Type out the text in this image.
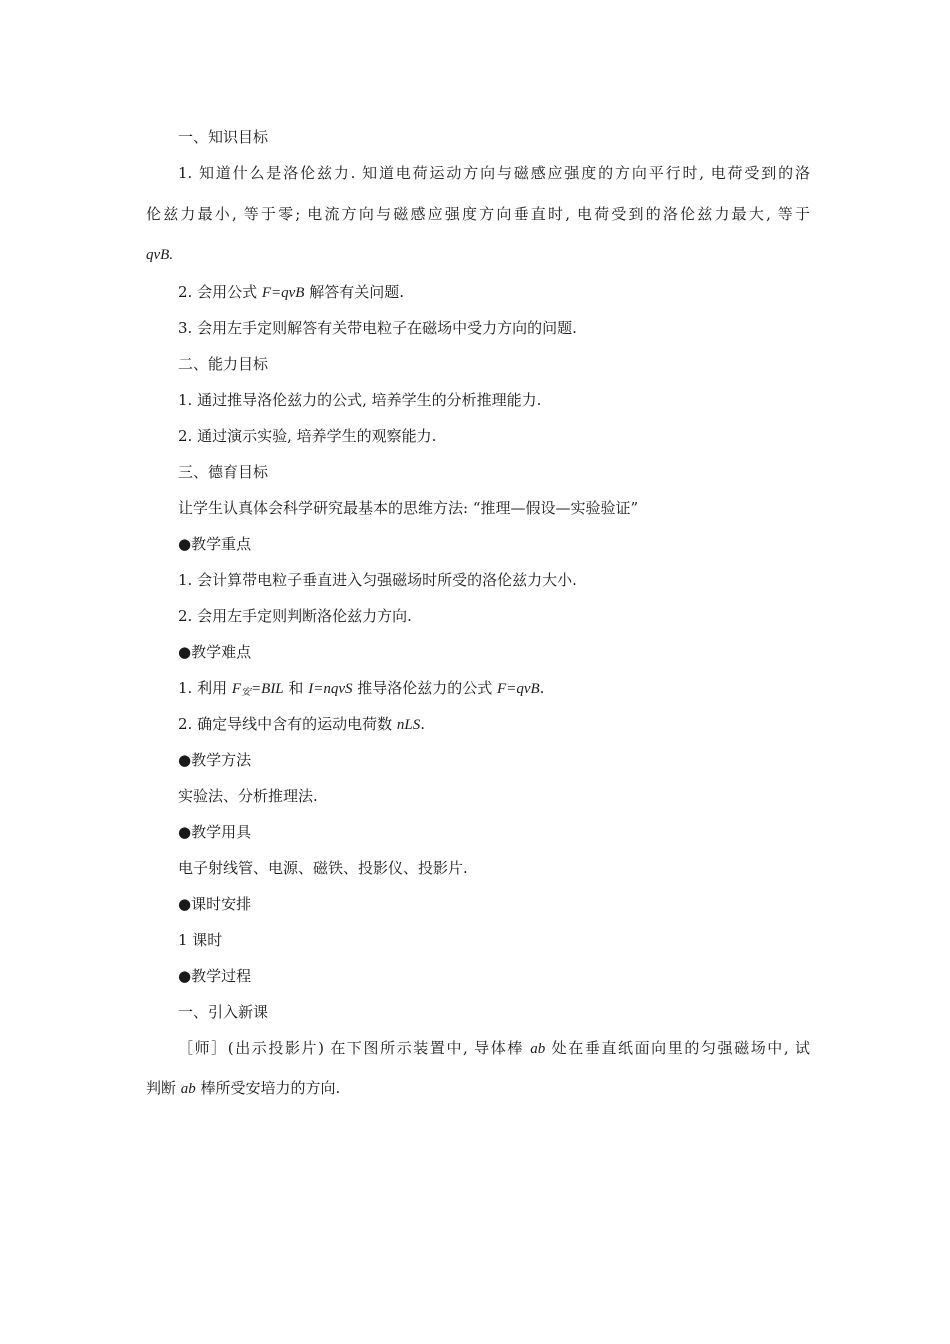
一、知识目标
1. 知道什么是洛伦兹力. 知道电荷运动方向与磁感应强度的方向平行时, 电荷受到的洛
伦兹力最小, 等于零; 电流方向与磁感应强度方向垂直时, 电荷受到的洛伦兹力最大, 等于
qvB.
2. 会用公式 F=qvB 解答有关问题.
3. 会用左手定则解答有关带电粒子在磁场中受力方向的问题.
二、能力目标
1. 通过推导洛伦兹力的公式, 培养学生的分析推理能力.
2. 通过演示实验, 培养学生的观察能力.
三、德育目标
让学生认真体会科学研究最基本的思维方法: “推理—假设—实验验证”
●教学重点
1. 会计算带电粒子垂直进入匀强磁场时所受的洛伦兹力大小.
2. 会用左手定则判断洛伦兹力方向.
●教学难点
1. 利用 $F_安=BIL$ 和 I=nqvS 推导洛伦兹力的公式 F=qvB.
2. 确定导线中含有的运动电荷数 nLS.
●教学方法
实验法、分析推理法.
●教学用具
电子射线管、电源、磁铁、投影仪、投影片.
●课时安排
1 课时
●教学过程
一、引入新课
［师］(出示投影片) 在下图所示装置中, 导体棒 ab 处在垂直纸面向里的匀强磁场中, 试
判断 ab 棒所受安培力的方向.
